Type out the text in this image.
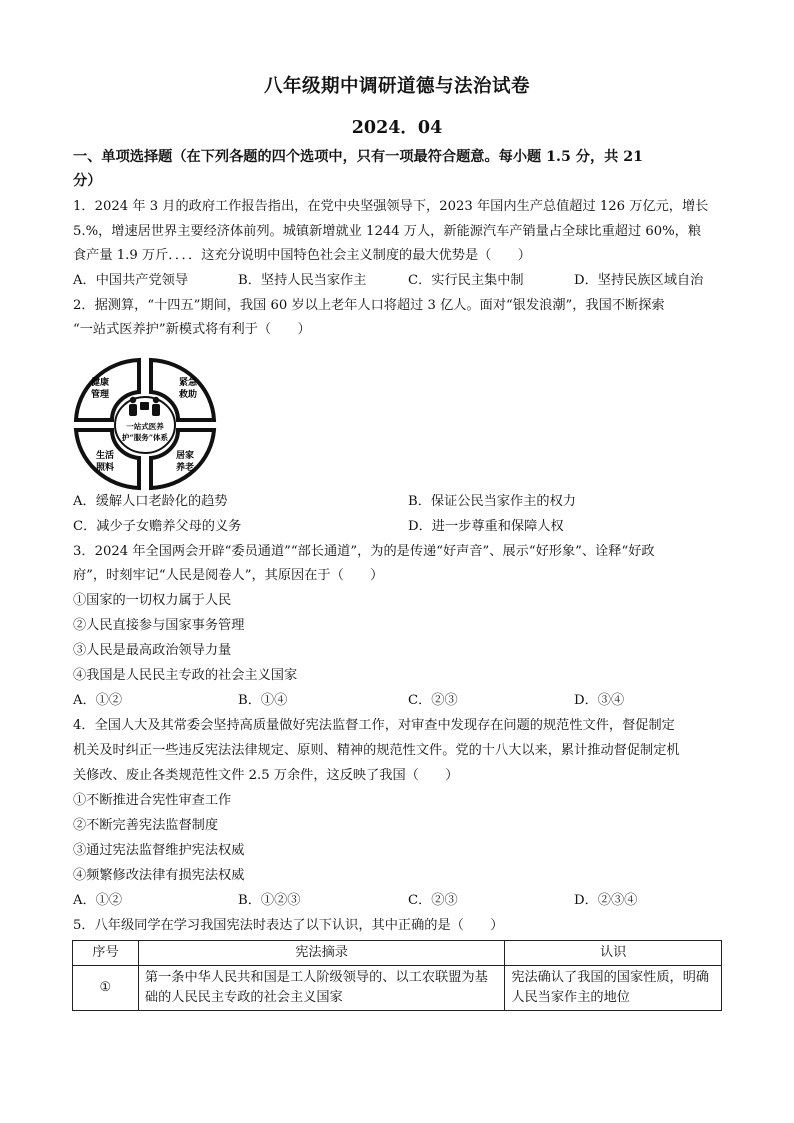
八年级期中调研道德与法治试卷
2024．04
一、单项选择题（在下列各题的四个选项中，只有一项最符合题意。每小题 1.5 分，共 21
分）
1．2024 年 3 月的政府工作报告指出，在党中央坚强领导下，2023 年国内生产总值超过 126 万亿元，增长
5.%，增速居世界主要经济体前列。城镇新增就业 1244 万人，新能源汽车产销量占全球比重超过 60%，粮
食产量 1.9 万斤．．．．这充分说明中国特色社会主义制度的最大优势是（　　）
A．中国共产党领导	B．坚持人民当家作主	C．实行民主集中制	D．坚持民族区域自治
2．据测算，“十四五”期间，我国 60 岁以上老年人口将超过 3 亿人。面对“银发浪潮”，我国不断探索
“一站式医养护”新模式将有利于（　　）
一站式医养
护“服务”体系
健康管理
紧急救助
生活照料
居家养老
A．缓解人口老龄化的趋势	B．保证公民当家作主的权力
C．减少子女赡养父母的义务	D．进一步尊重和保障人权
3．2024 年全国两会开辟“委员通道”“部长通道”，为的是传递“好声音”、展示“好形象”、诠释“好政
府”，时刻牢记“人民是阅卷人”，其原因在于（　　）
①国家的一切权力属于人民
②人民直接参与国家事务管理
③人民是最高政治领导力量
④我国是人民民主专政的社会主义国家
A．①②	B．①④	C．②③	D．③④
4．全国人大及其常委会坚持高质量做好宪法监督工作，对审查中发现存在问题的规范性文件，督促制定
机关及时纠正一些违反宪法法律规定、原则、精神的规范性文件。党的十八大以来，累计推动督促制定机
关修改、废止各类规范性文件 2.5 万余件，这反映了我国（　　）
①不断推进合宪性审查工作
②不断完善宪法监督制度
③通过宪法监督维护宪法权威
④频繁修改法律有损宪法权威
A．①②	B．①②③	C．②③	D．②③④
5．八年级同学在学习我国宪法时表达了以下认识，其中正确的是（　　）
序号	宪法摘录	认识
①	第一条中华人民共和国是工人阶级领导的、以工农联盟为基础的人民民主专政的社会主义国家	宪法确认了我国的国家性质，明确人民当家作主的地位
